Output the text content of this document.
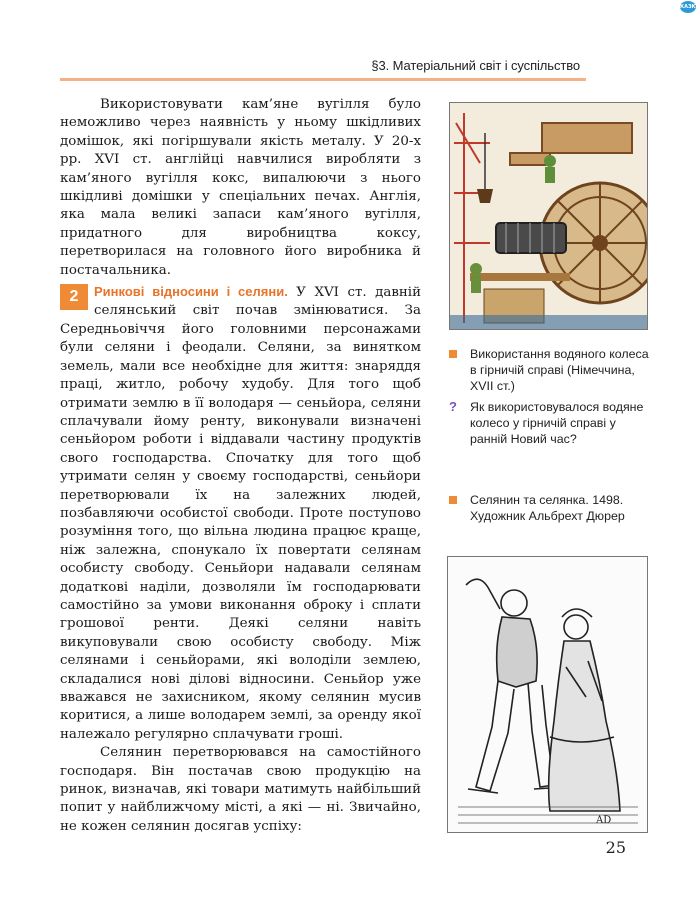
КАЗКА
§3. Матеріальний світ і суспільство

Використовувати кам’яне вугілля було неможливо через наявність у ньому шкідливих домішок, які погіршували якість металу. У 20-х рр. XVI ст. англійці навчилися виробляти з кам’яного вугілля кокс, випалюючи з нього шкідливі домішки у спеціальних печах. Англія, яка мала великі запаси кам’яного вугілля, придатного для виробництва коксу, перетворилася на головного його виробника й постачальника.

2	Ринкові відносини і селяни. У XVI ст. давній селянський світ почав змінюватися. За Середньовіччя його головними персонажами були селяни і феодали. Селяни, за винятком земель, мали все необхідне для життя: знаряддя праці, житло, робочу худобу. Для того щоб отримати землю в її володаря — сеньйора, селяни сплачували йому ренту, виконували визначені сеньйором роботи і віддавали частину продуктів свого господарства. Спочатку для того щоб утримати селян у своєму господарстві, сеньйори перетворювали їх на залежних людей, позбавляючи особистої свободи. Проте поступово розуміння того, що вільна людина працює краще, ніж залежна, спонукало їх повертати селянам особисту свободу. Сеньйори надавали селянам додаткові наділи, дозволяли їм господарювати самостійно за умови виконання оброку і сплати грошової ренти. Деякі селяни навіть викуповували свою особисту свободу. Між селянами і сеньйорами, які володіли землею, складалися нові ділові відносини. Сеньйор уже вважався не захисником, якому селянин мусив коритися, а лише володарем землі, за оренду якої належало регулярно сплачувати гроші.

Селянин перетворювався на самостійного господаря. Він постачав свою продукцію на ринок, визначав, які товари матимуть найбільший попит у найближчому місті, а які — ні. Звичайно, не кожен селянин досягав успіху:

Використання водяного колеса в гірничій справі (Німеччина, XVII ст.)
? Як використовувалося водяне колесо у гірничій справі у ранній Новий час?
Селянин та селянка. 1498. Художник Альбрехт Дюрер
ΑD
25
